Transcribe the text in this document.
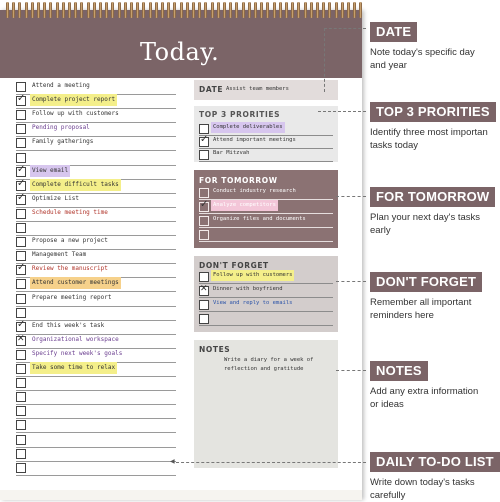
Today.
Attend a meeting
✓
Complete project report
Follow up with customers
Pending proposal
Family gatherings
✓
View email
✓
Complete difficult tasks
✓
Optimize List
Schedule meeting time
Propose a new project
Management Team
✓
Review the manuscript
Attend customer meetings
Prepare meeting report
✓
End this week's task
✕
Organizational workspace
Specify next week's goals
Take some time to relax
DATE Assist team members
TOP 3 PRORITIES
Complete deliverables
✓
Attend important meetings
Bar Mitzvah
FOR TOMORROW
Conduct industry research
✓
Analyze competitors
Organize files and documents
DON'T FORGET
Follow up with customers
✕
Dinner with boyfriend
View and reply to emails
NOTES
Write a diary for a week of reflection and gratitude
◀
DATE
Note today's specific day
and year
TOP 3 PRORITIES
Identify three most importan
tasks today
FOR TOMORROW
Plan your next day's tasks
early
DON'T FORGET
Remember all important
reminders here
NOTES
Add any extra information
or ideas
DAILY TO-DO LIST
Write down today's tasks
carefully
